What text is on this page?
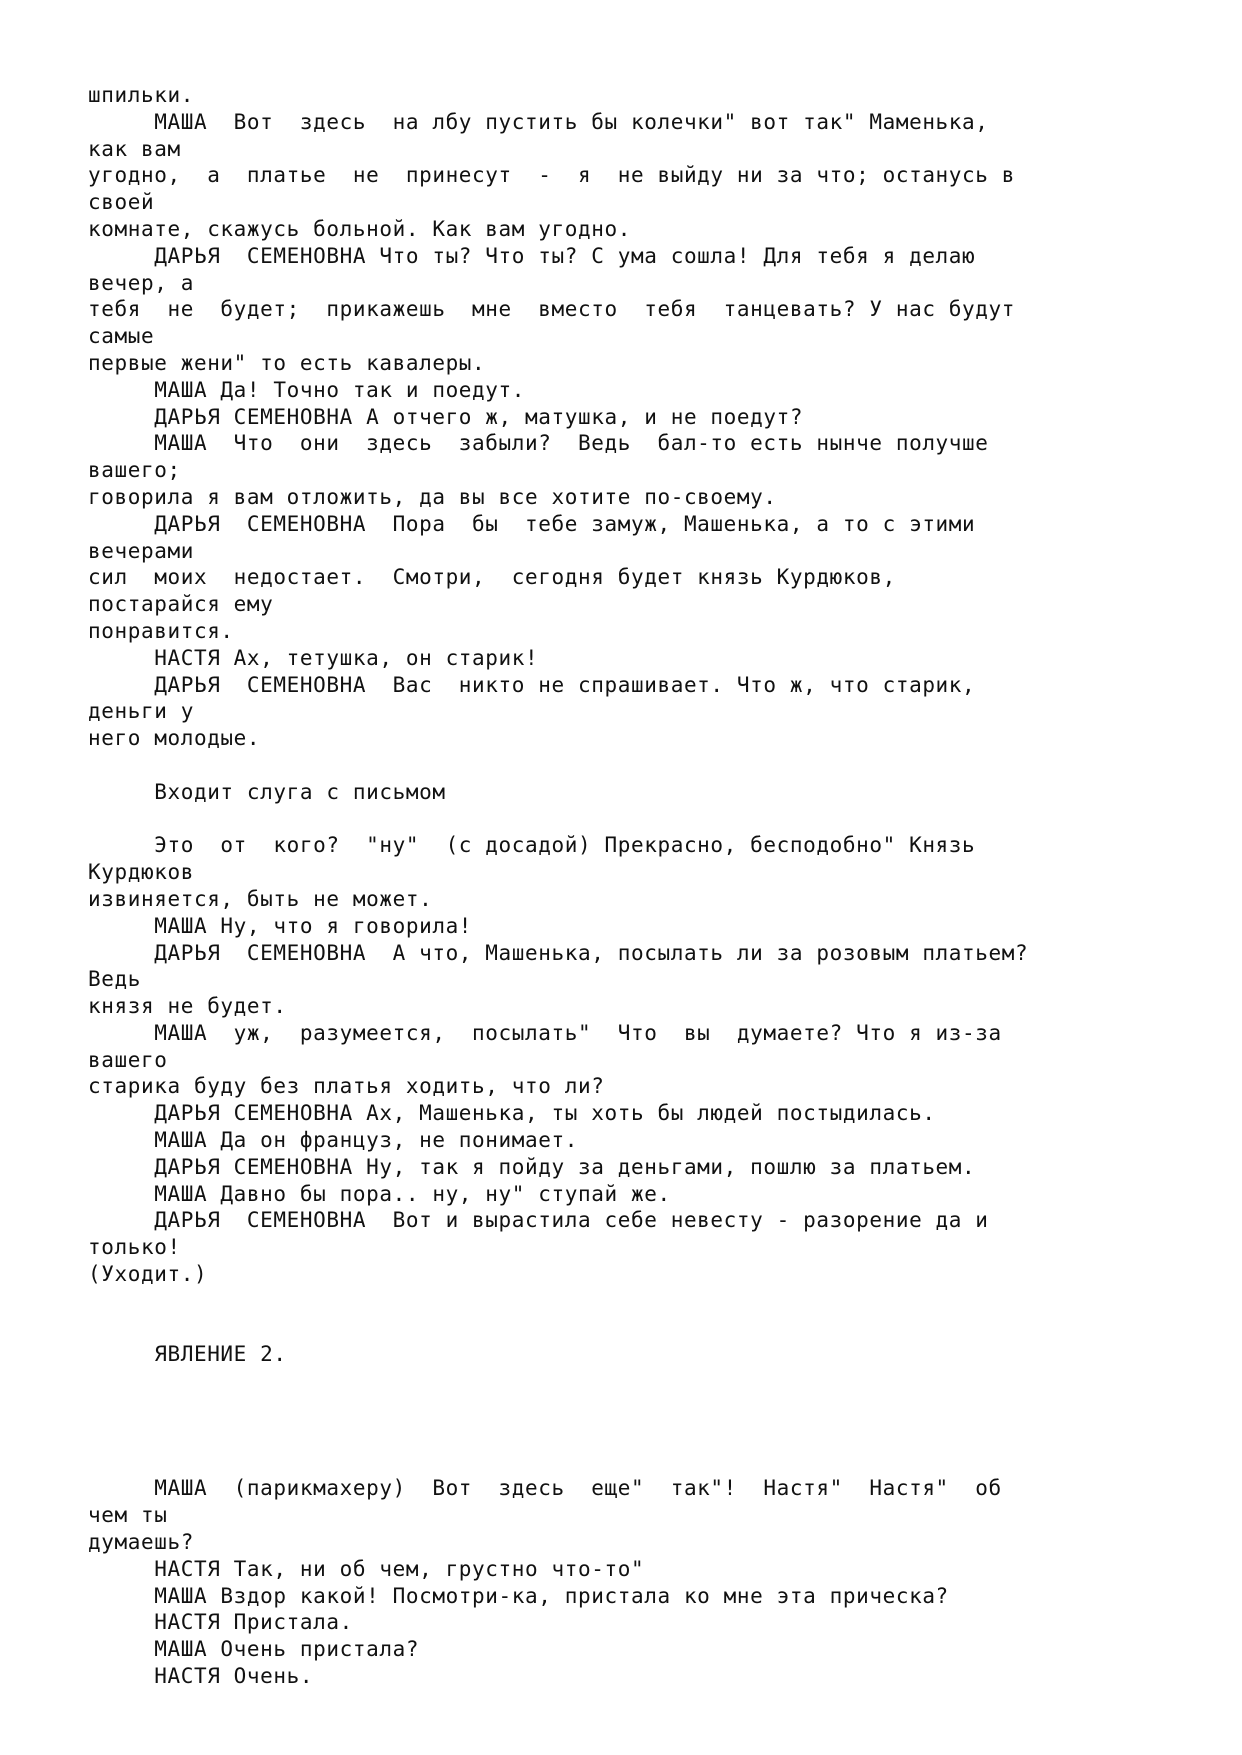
шпильки.
МАША  Вот  здесь  на лбу пустить бы колечки" вот так" Маменька,
как вам
угодно,  а  платье  не  принесут  -  я  не выйду ни за что; останусь в
своей
комнате, скажусь больной. Как вам угодно.
ДАРЬЯ  СЕМЕНОВНА Что ты? Что ты? С ума сошла! Для тебя я делаю
вечер, а
тебя  не  будет;  прикажешь  мне  вместо  тебя  танцевать? У нас будут
самые
первые жени" то есть кавалеры.
МАША Да! Точно так и поедут.
ДАРЬЯ СЕМЕНОВНА А отчего ж, матушка, и не поедут?
МАША  Что  они  здесь  забыли?  Ведь  бал-то есть нынче получше
вашего;
говорила я вам отложить, да вы все хотите по-своему.
ДАРЬЯ  СЕМЕНОВНА  Пора  бы  тебе замуж, Машенька, а то с этими
вечерами
сил  моих  недостает.  Смотри,  сегодня будет князь Курдюков,
постарайся ему
понравится.
НАСТЯ Ах, тетушка, он старик!
ДАРЬЯ  СЕМЕНОВНА  Вас  никто не спрашивает. Что ж, что старик,
деньги у
него молодые.
Входит слуга с письмом
Это  от  кого?  "ну"  (с досадой) Прекрасно, бесподобно" Князь
Курдюков
извиняется, быть не может.
МАША Ну, что я говорила!
ДАРЬЯ  СЕМЕНОВНА  А что, Машенька, посылать ли за розовым платьем?
Ведь
князя не будет.
МАША  уж,  разумеется,  посылать"  Что  вы  думаете? Что я из-за
вашего
старика буду без платья ходить, что ли?
ДАРЬЯ СЕМЕНОВНА Ах, Машенька, ты хоть бы людей постыдилась.
МАША Да он француз, не понимает.
ДАРЬЯ СЕМЕНОВНА Ну, так я пойду за деньгами, пошлю за платьем.
МАША Давно бы пора.. ну, ну" ступай же.
ДАРЬЯ  СЕМЕНОВНА  Вот и вырастила себе невесту - разорение да и
только!
(Уходит.)
ЯВЛЕНИЕ 2.
МАША  (парикмахеру)  Вот  здесь  еще"  так"!  Настя"  Настя"  об
чем ты
думаешь?
НАСТЯ Так, ни об чем, грустно что-то"
МАША Вздор какой! Посмотри-ка, пристала ко мне эта прическа?
НАСТЯ Пристала.
МАША Очень пристала?
НАСТЯ Очень.
